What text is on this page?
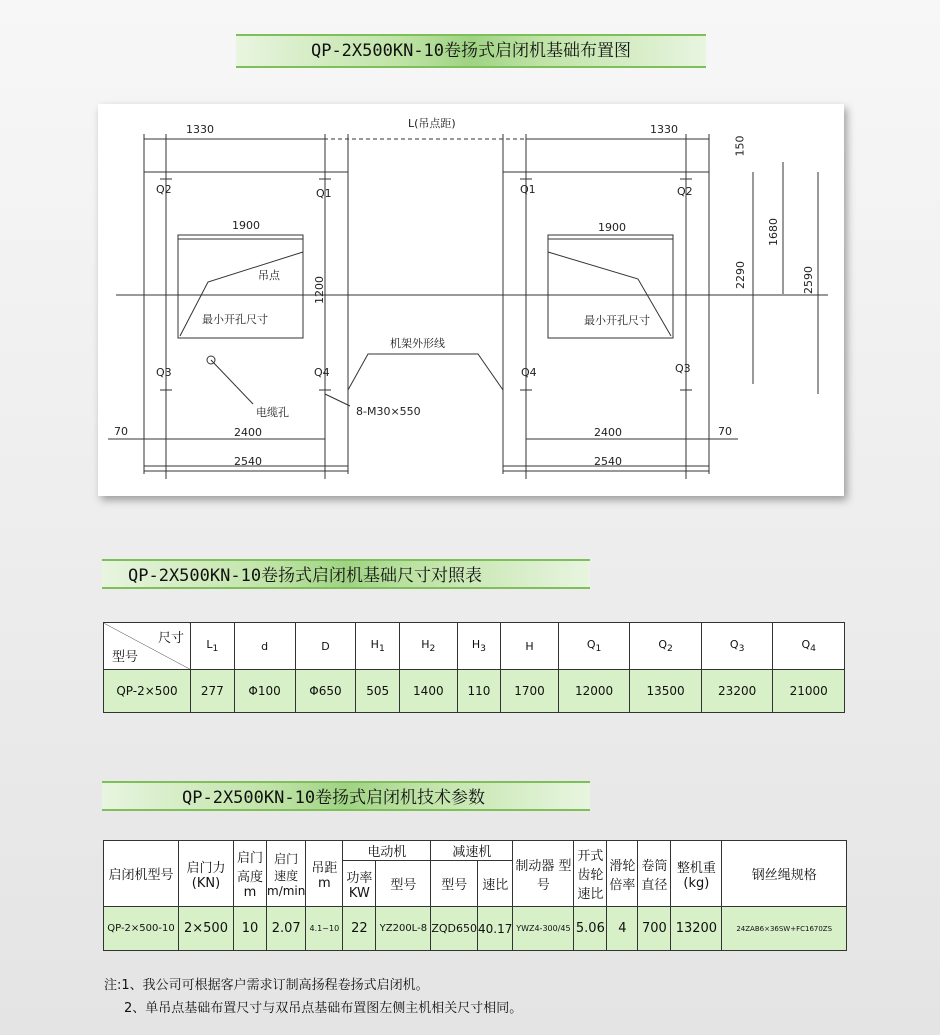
QP-2X500KN-10卷扬式启闭机基础布置图
L(吊点距)
1330	1330
1900	1900
1200
Q2	Q1	Q1	Q2
Q3	Q4	Q4	Q3
最小开孔尺寸	最小开孔尺寸
吊点
机架外形线
电缆孔	8-M30×550
2400	2400
2540	2540
70	70
150
1680
2290	2590
QP-2X500KN-10卷扬式启闭机基础尺寸对照表
尺寸
型号	$L_1$	d	D	$H_1$	$H_2$	$H_3$	H	$Q_1$	$Q_2$	$Q_3$	$Q_4$
QP-2×500	277	Φ100	Φ650	505	1400	110	1700	12000	13500	23200	21000
QP-2X500KN-10卷扬式启闭机技术参数
启闭机型号	启门力 (KN)	启门 高度 m	启门 速度 m/min	吊距 m	电动机		减速机		制动器 型号	开式 齿轮 速比	滑轮 倍率	卷筒 直径	整机重 (kg)	钢丝绳规格
					功率 KW	型号	型号	速比						
QP-2×500-10	2×500	10	2.07	4.1~10	22	YZ200L-8	ZQD650	40.17	YWZ4-300/45	5.06	4	700	13200	24ZAB6×36SW+FC1670ZS
注:1、我公司可根据客户需求订制高扬程卷扬式启闭机。
2、单吊点基础布置尺寸与双吊点基础布置图左侧主机相关尺寸相同。
